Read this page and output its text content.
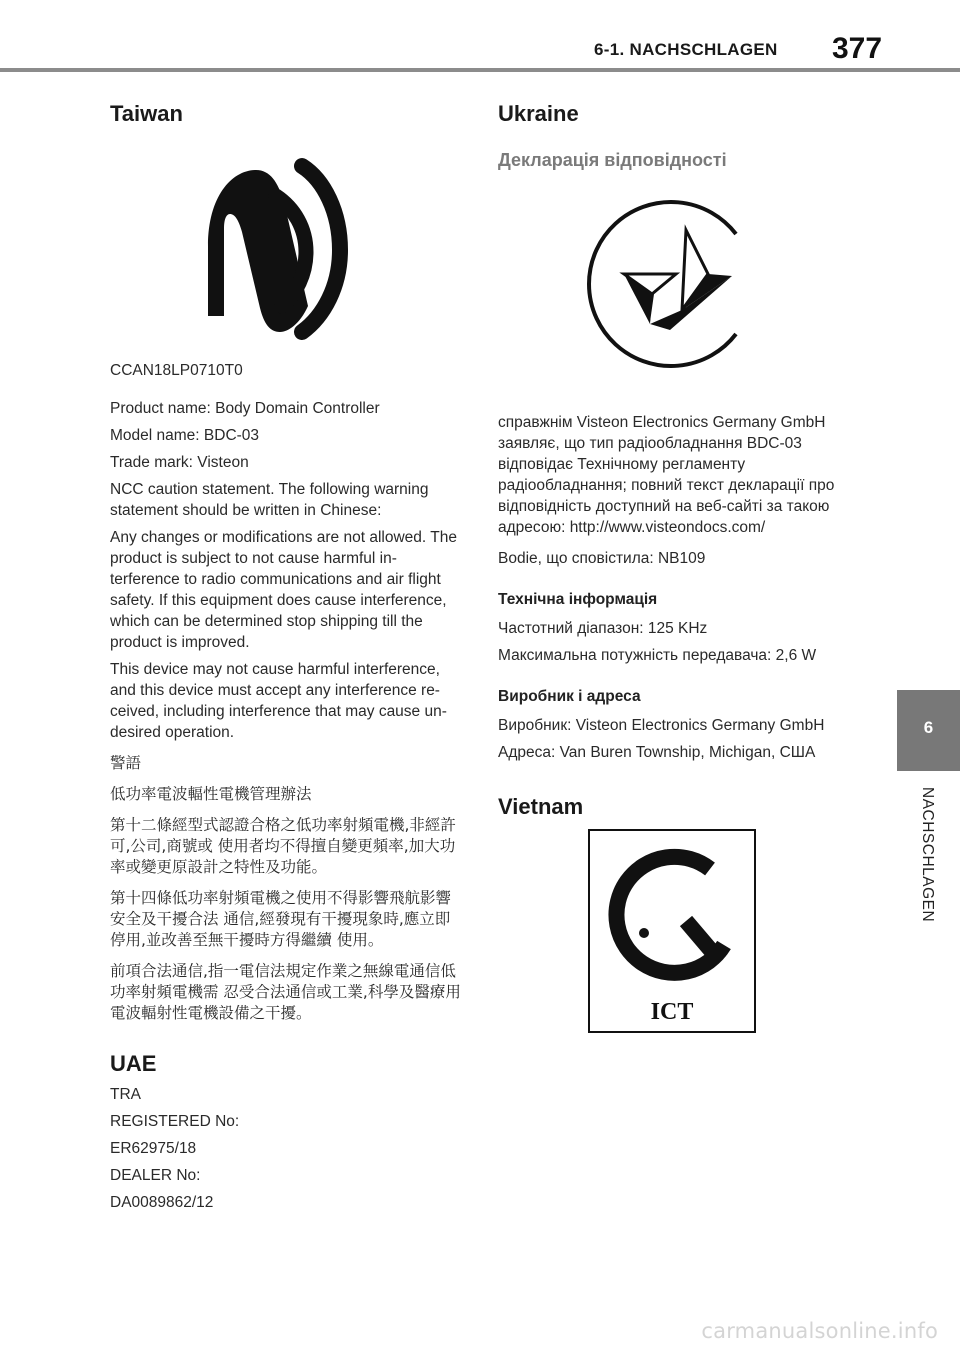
6-1. NACHSCHLAGEN 377
6
NACHSCHLAGEN
Taiwan

CCAN18LP0710T0

Product name: Body Domain Controller

Model name: BDC-03

Trade mark: Visteon

NCC caution statement. The following warning statement should be written in Chinese:

Any changes or modifications are not allowed. The product is subject to not cause harmful in-terference to radio communications and air flight safety. If this equipment does cause interference, which can be determined stop shipping till the product is improved.

This device may not cause harmful interference, and this device must accept any interference re-ceived, including interference that may cause un-desired operation.

警語

低功率電波輻性電機管理辦法

第十二條經型式認證合格之低功率射頻電機,非經許可,公司,商號或 使用者均不得擅自變更頻率,加大功率或變更原設計之特性及功能。

第十四條低功率射頻電機之使用不得影響飛航影響安全及干擾合法 通信,經發現有干擾現象時,應立即停用,並改善至無干擾時方得繼續 使用。

前項合法通信,指一電信法規定作業之無線電通信低功率射頻電機需 忍受合法通信或工業,科學及醫療用電波輻射性電機設備之干擾。

UAE

TRA

REGISTERED No:

ER62975/18

DEALER No:

DA0089862/12

Ukraine
Декларація відповідності

справжнім Visteon Electronics Germany GmbH заявляє, що тип радіообладнання BDC-03 відповідає Технічному регламенту радіообладнання; повний текст декларації про відповідність доступний на веб-сайті за такою адресою: http://www.visteondocs.com/

Bodie, що сповістила: NB109

Технічна інформація

Частотний діапазон: 125 KHz

Максимальна потужність передавача: 2,6 W

Виробник і адреса

Виробник: Visteon Electronics Germany GmbH

Адреса: Van Buren Township, Michigan, США

Vietnam
ICT
carmanualsonline.info
